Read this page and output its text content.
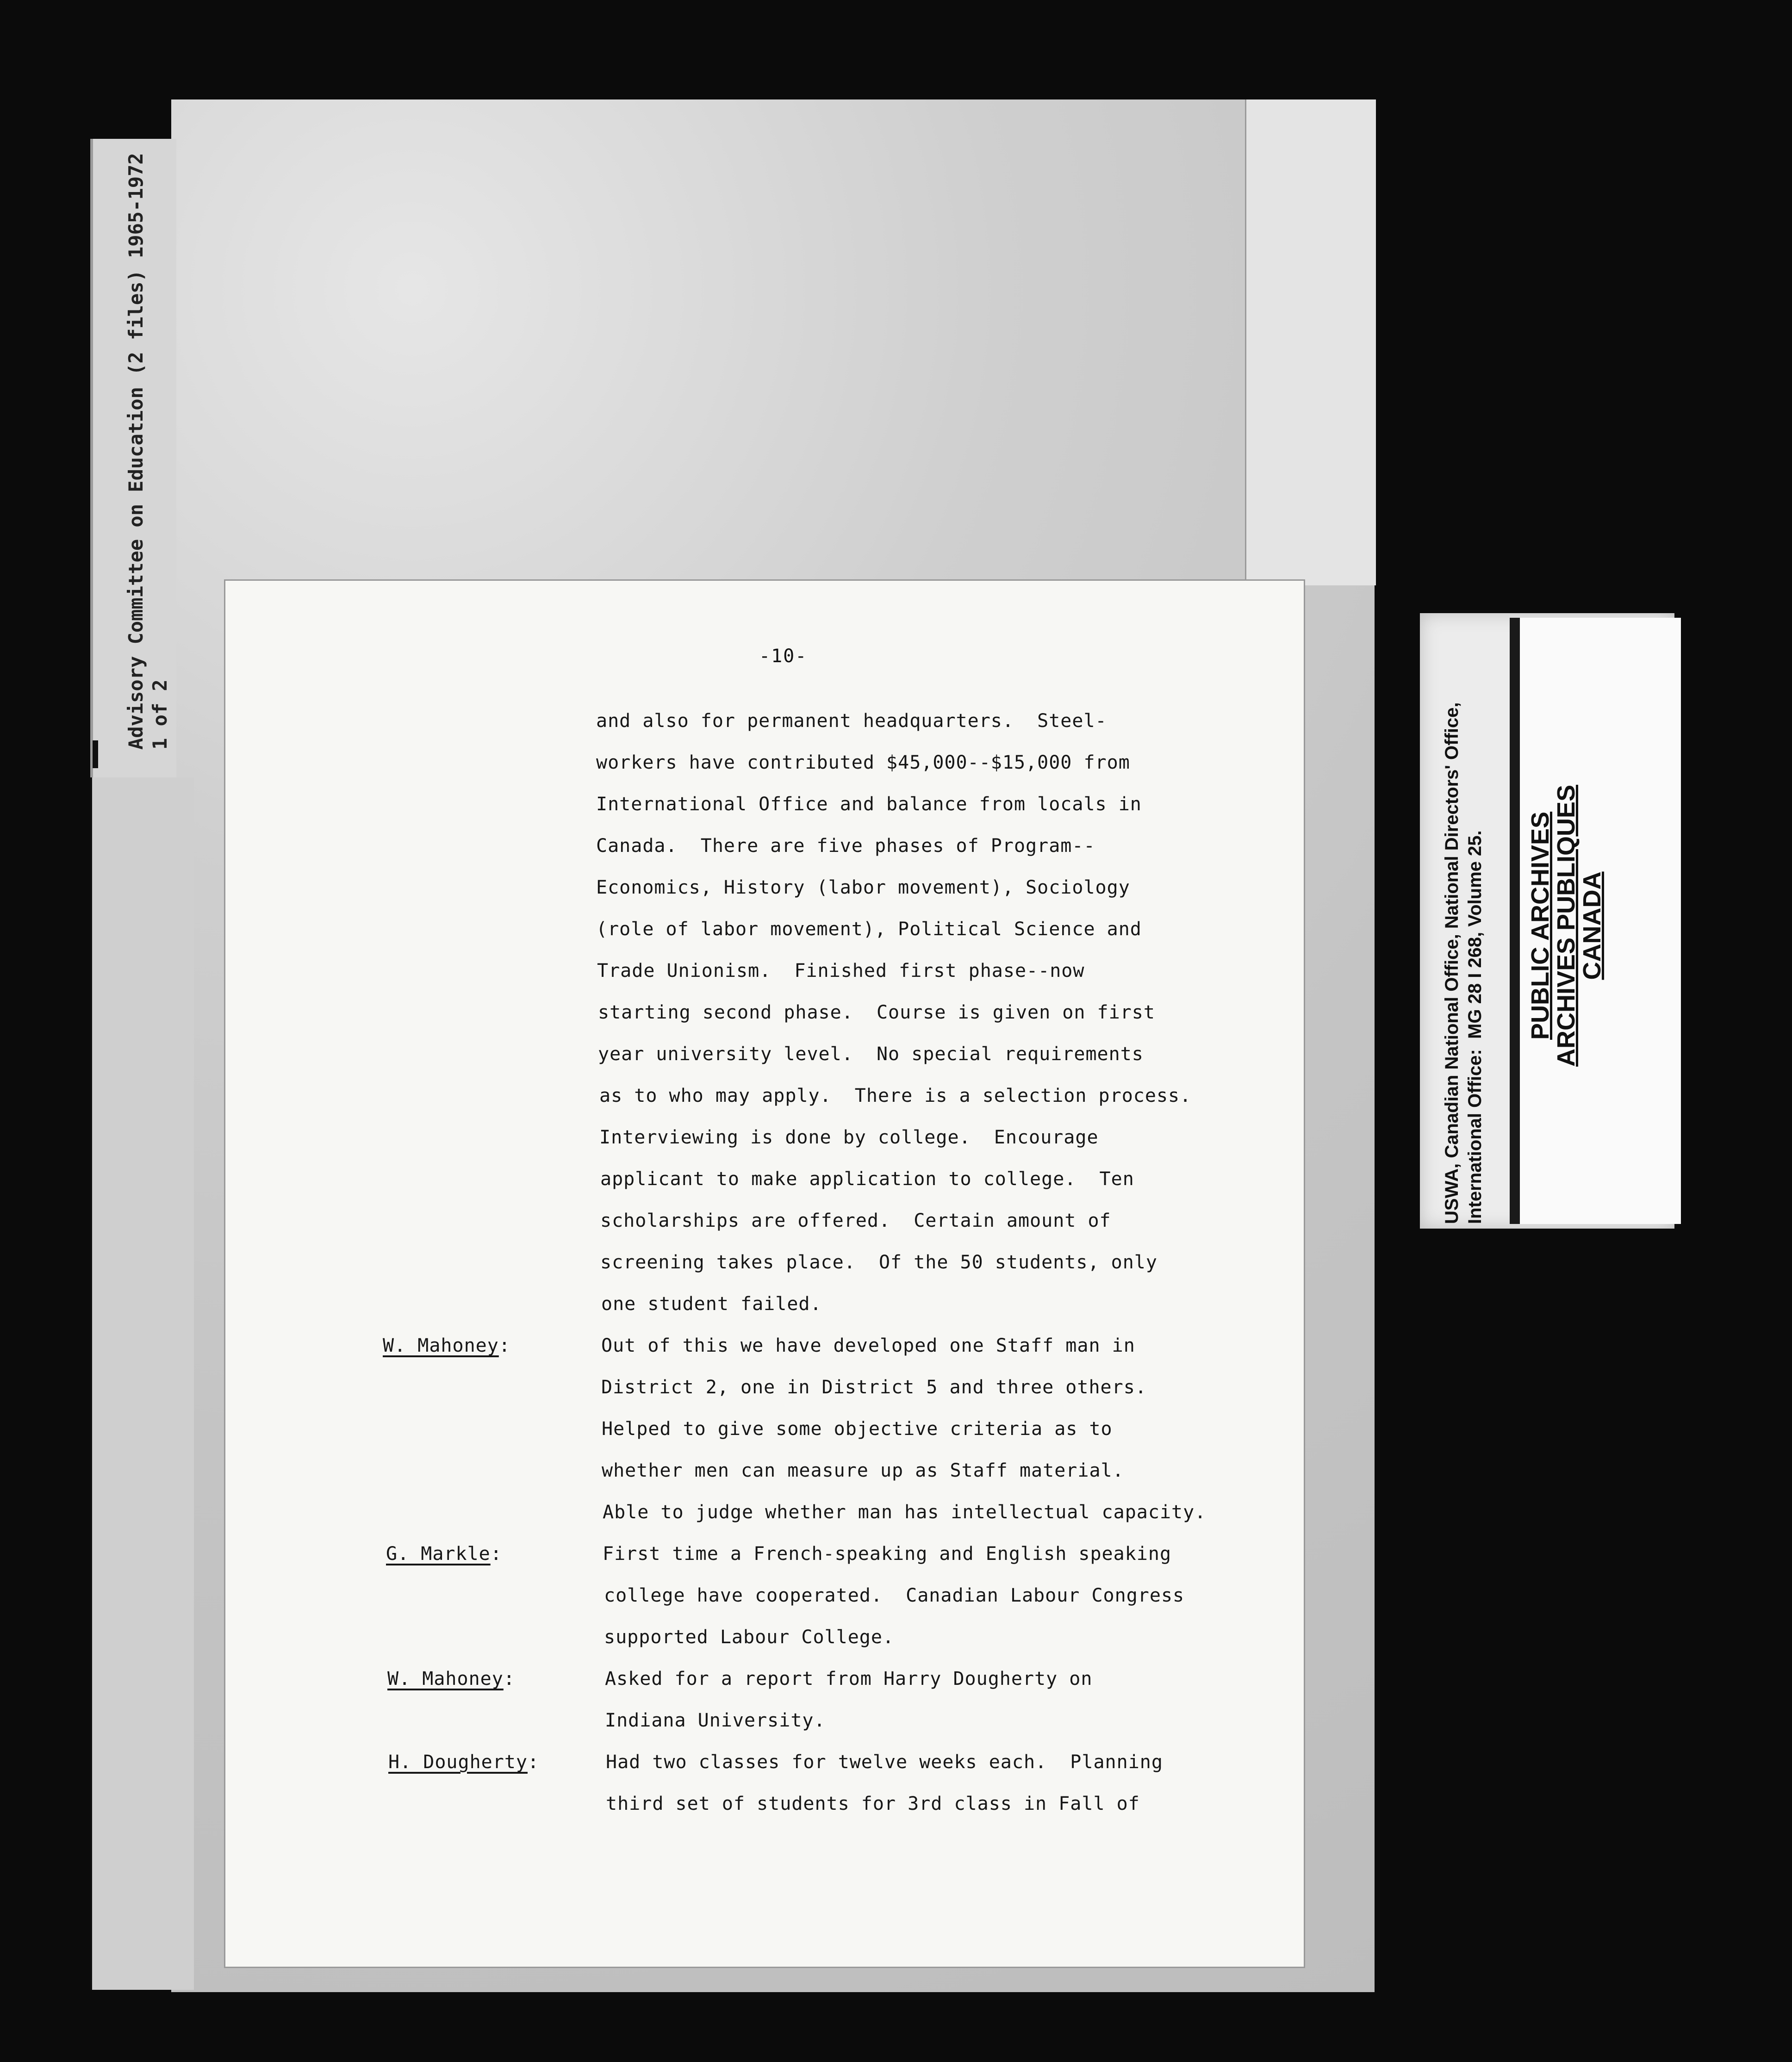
Advisory Committee on Education (2 files) 1965-1972
1 of 2
-10-
and also for permanent headquarters.  Steel-
workers have contributed $45,000--$15,000 from
International Office and balance from locals in
Canada.  There are five phases of Program--
Economics, History (labor movement), Sociology
(role of labor movement), Political Science and
Trade Unionism.  Finished first phase--now
starting second phase.  Course is given on first
year university level.  No special requirements
as to who may apply.  There is a selection process.
Interviewing is done by college.  Encourage
applicant to make application to college.  Ten
scholarships are offered.  Certain amount of
screening takes place.  Of the 50 students, only
one student failed.
W. Mahoney:	Out of this we have developed one Staff man in
District 2, one in District 5 and three others.
Helped to give some objective criteria as to
whether men can measure up as Staff material.
Able to judge whether man has intellectual capacity.
G. Markle:	First time a French-speaking and English speaking
college have cooperated.  Canadian Labour Congress
supported Labour College.
W. Mahoney:	Asked for a report from Harry Dougherty on
Indiana University.
H. Dougherty:	Had two classes for twelve weeks each.  Planning
third set of students for 3rd class in Fall of
USWA, Canadian National Office, National Directors' Office, International Office:  MG 28 I 268, Volume 25. PUBLIC ARCHIVES
ARCHIVES PUBLIQUES
CANADA
